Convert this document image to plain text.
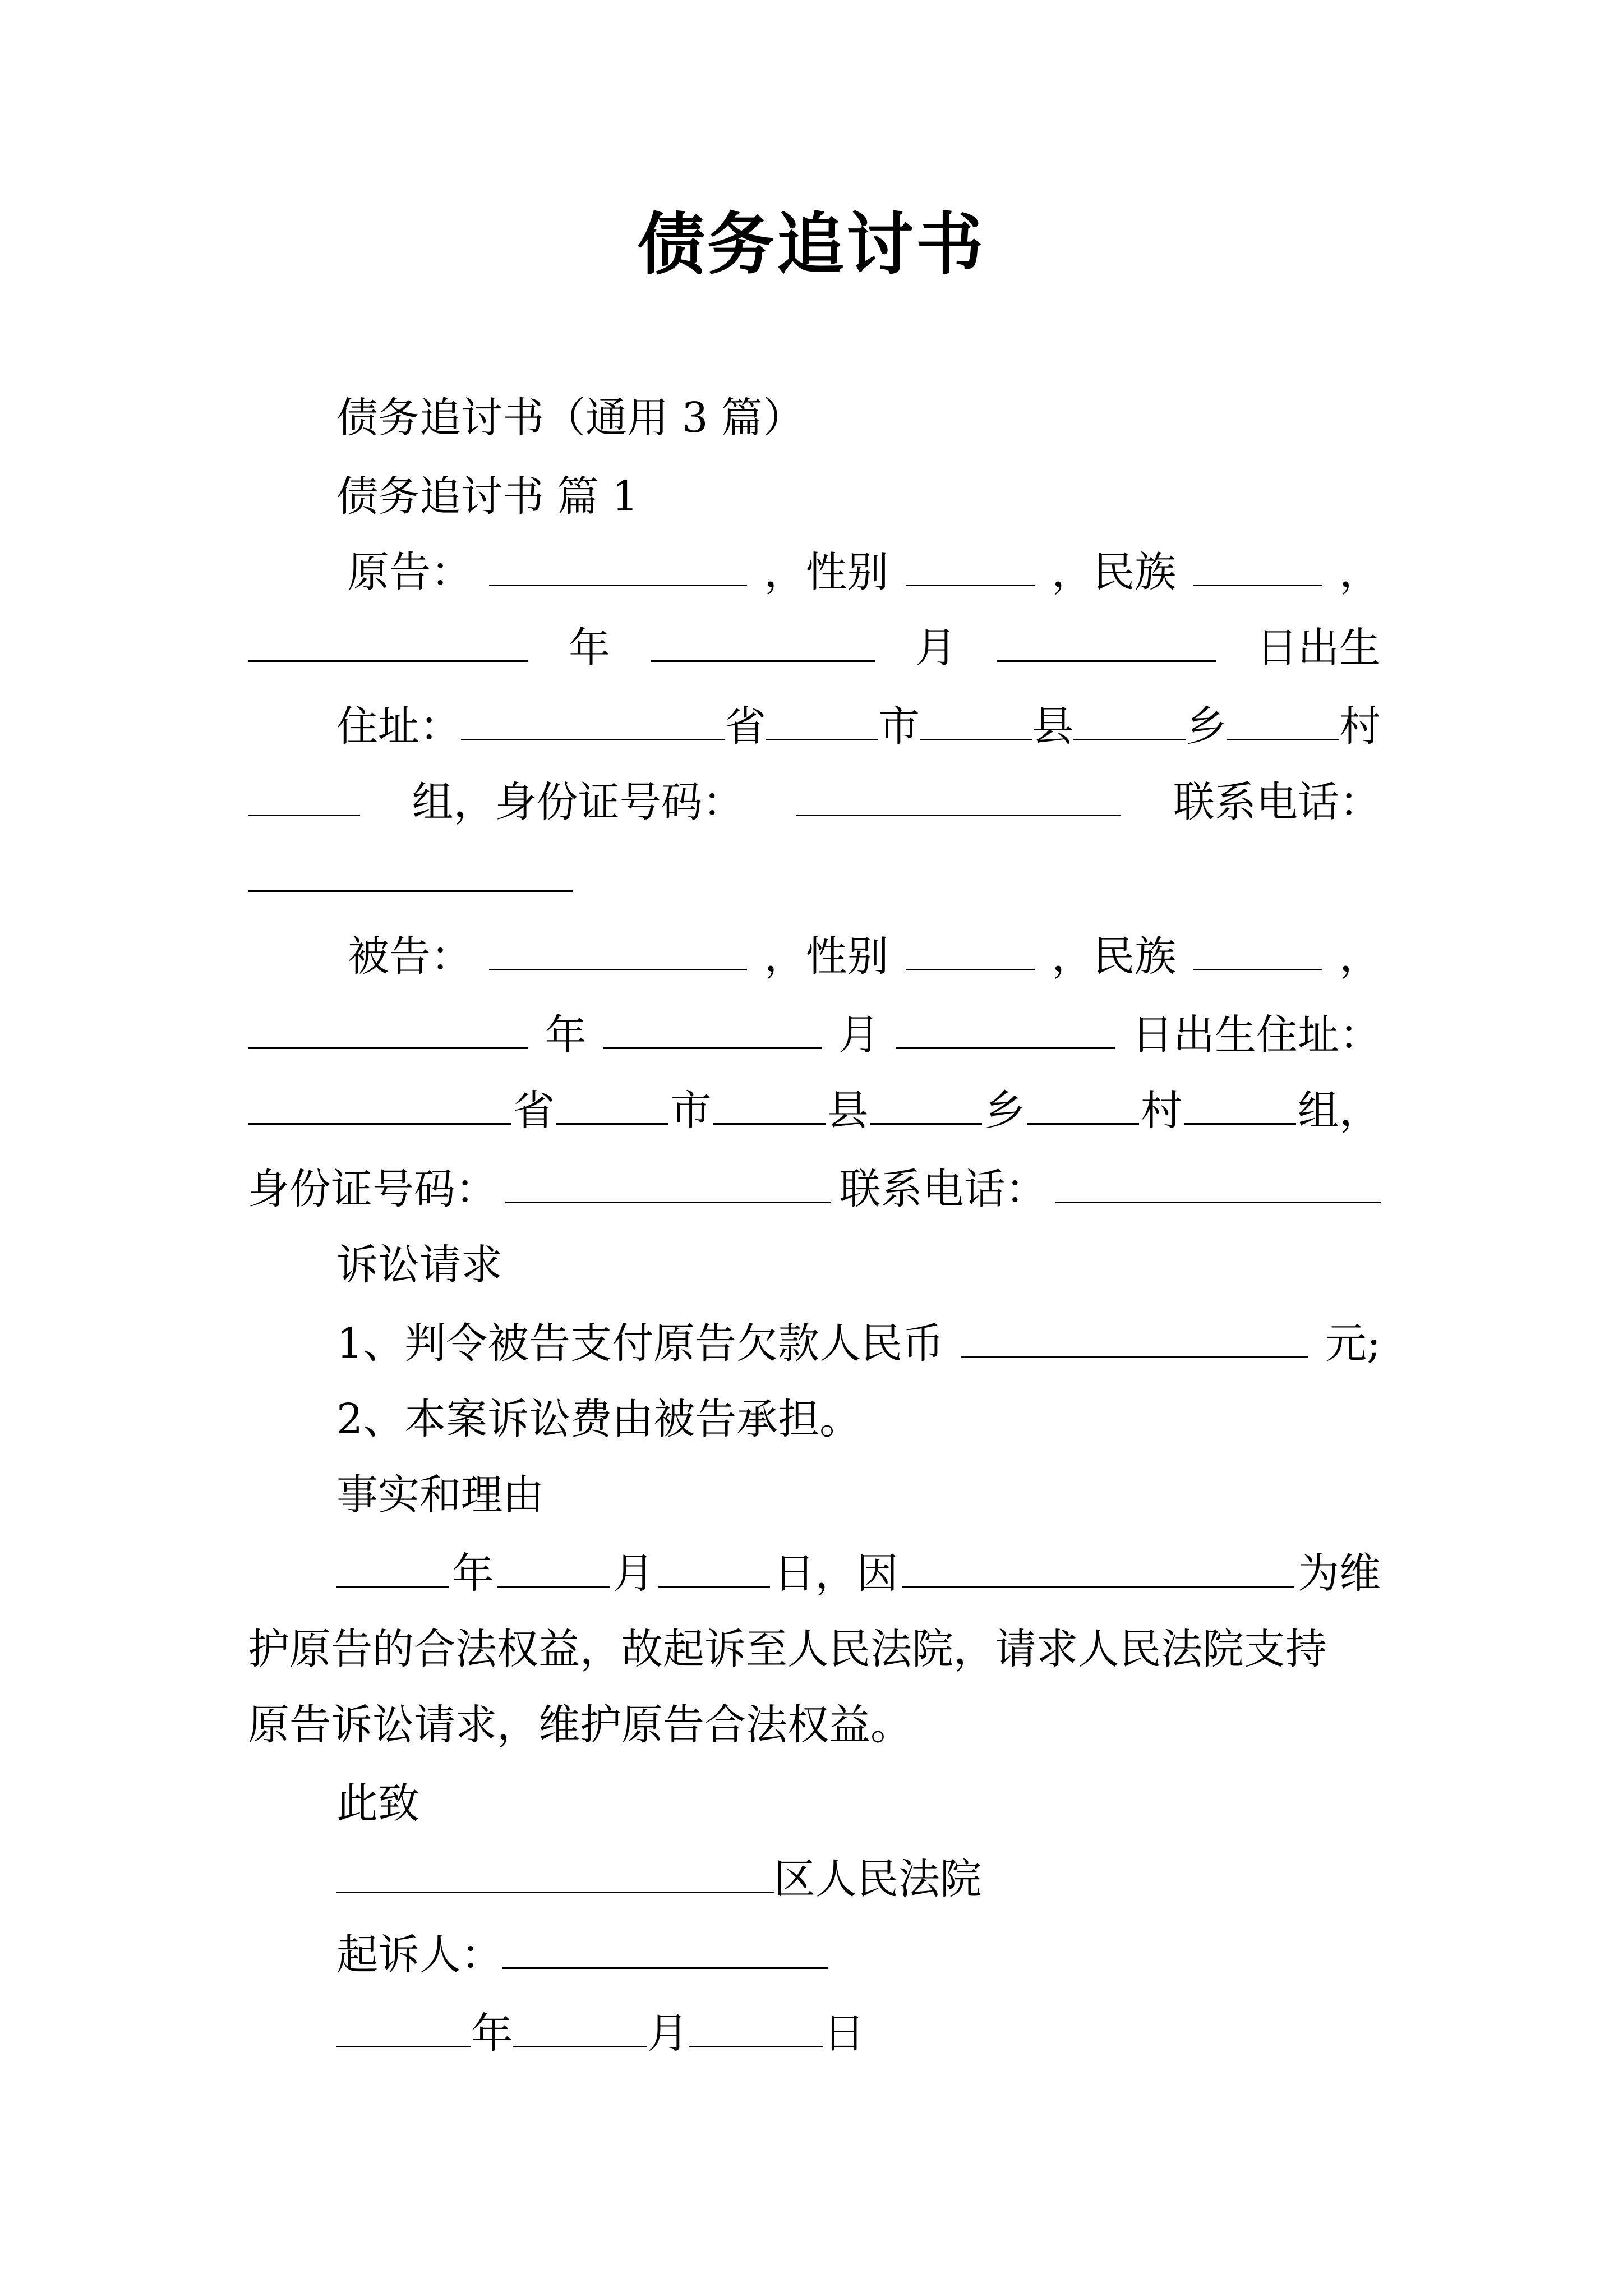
债务追讨书
债务追讨书（通用 3 篇）
债务追讨书 篇 1
原告：	，性别	，民族	，
年	月	日出生
住址：	省	市	县	乡	村
组，身份证号码：	联系电话：
被告：	，性别	，民族	，
年	月	日出生住址：
省	市	县	乡	村	组，
身份证号码：	联系电话：
诉讼请求
1、判令被告支付原告欠款人民币	元;
2、本案诉讼费由被告承担。
事实和理由
年	月	日，因	为维
护原告的合法权益，故起诉至人民法院，请求人民法院支持
原告诉讼请求，维护原告合法权益。
此致
区人民法院
起诉人：
年	月	日
